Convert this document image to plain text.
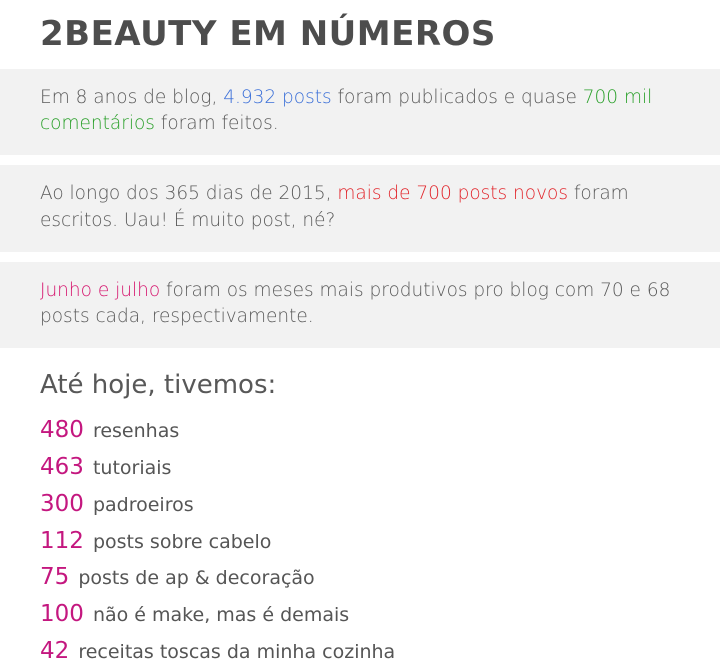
2BEAUTY EM NÚMEROS

Em 8 anos de blog, 4.932 posts foram publicados e quase 700 mil comentários foram feitos.

Ao longo dos 365 dias de 2015, mais de 700 posts novos foram escritos. Uau! É muito post, né?

Junho e julho foram os meses mais produtivos pro blog com 70 e 68 posts cada, respectivamente.

Até hoje, tivemos:
480 resenhas
463 tutoriais
300 padroeiros
112 posts sobre cabelo
75 posts de ap & decoração
100 não é make, mas é demais
42 receitas toscas da minha cozinha
